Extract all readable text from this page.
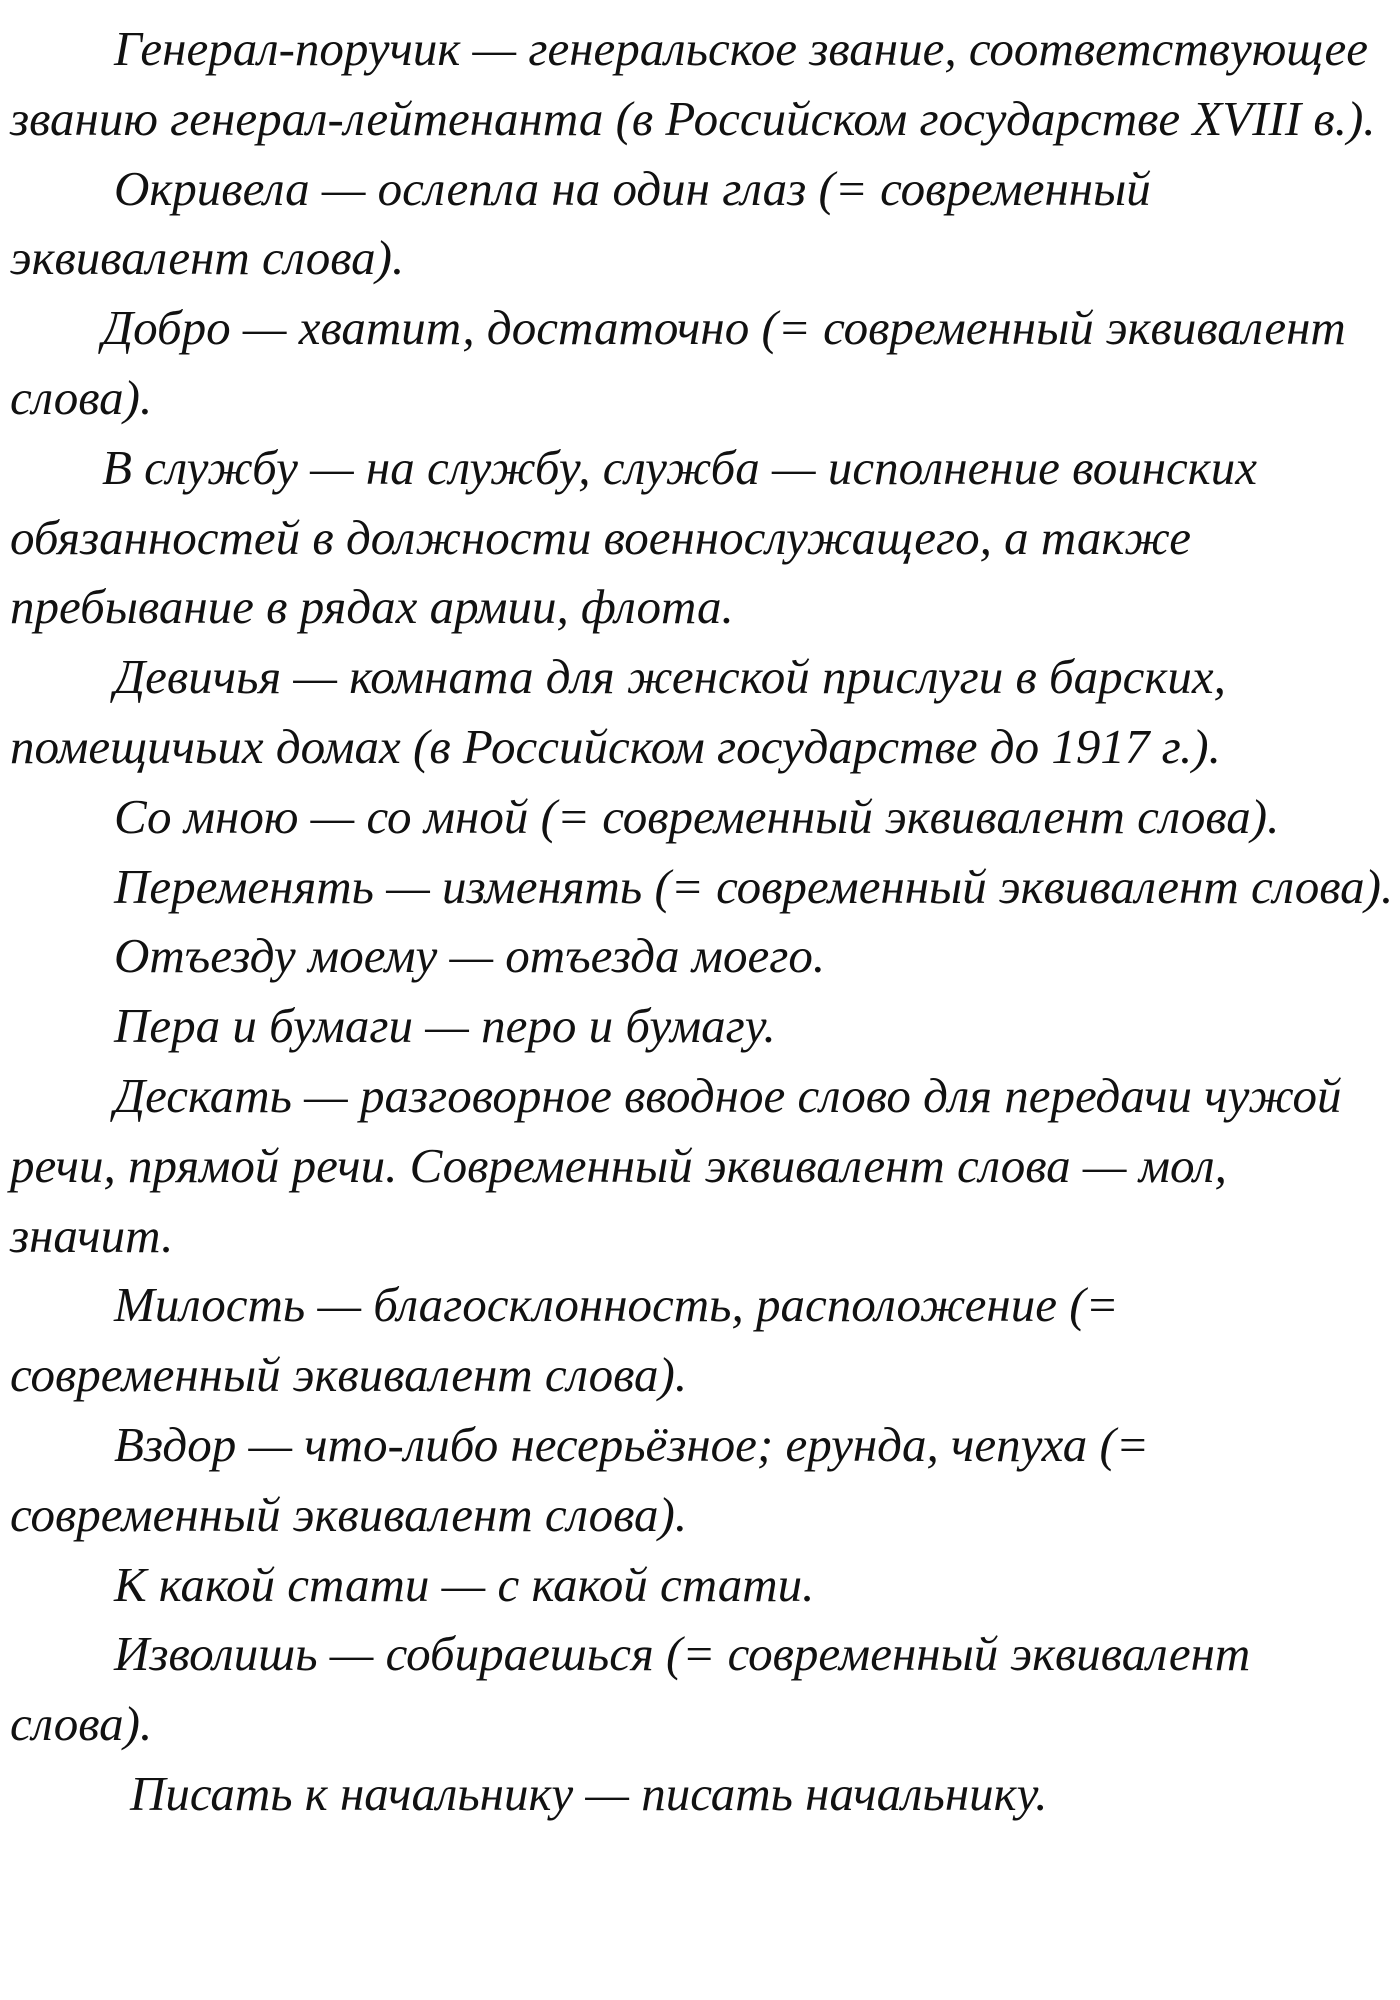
Генерал-поручик — генеральское звание, соответствующее званию генерал-лейтенанта (в Российском государстве XVIII в.).

Окривела — ослепла на один глаз (= современный эквивалент слова).

Добро — хватит, достаточно (= современный эквивалент слова).

В службу — на службу, служба — исполнение воинских обязанностей в должности военнослужащего, а также пребывание в рядах армии, флота.

Девичья — комната для женской прислуги в барских, помещичьих домах (в Российском государстве до 1917 г.).

Со мною — со мной (= современный эквивалент слова).

Переменять — изменять (= современный эквивалент слова).

Отъезду моему — отъезда моего.

Пера и бумаги — перо и бумагу.

Дескать — разговорное вводное слово для передачи чужой речи, прямой речи. Современный эквивалент слова — мол, значит.

Милость — благосклонность, расположение (= современный эквивалент слова).

Вздор — что-либо несерьёзное; ерунда, чепуха (= современный эквивалент слова).

К какой стати — с какой стати.

Изволишь — собираешься (= современный эквивалент слова).

Писать к начальнику — писать начальнику.
